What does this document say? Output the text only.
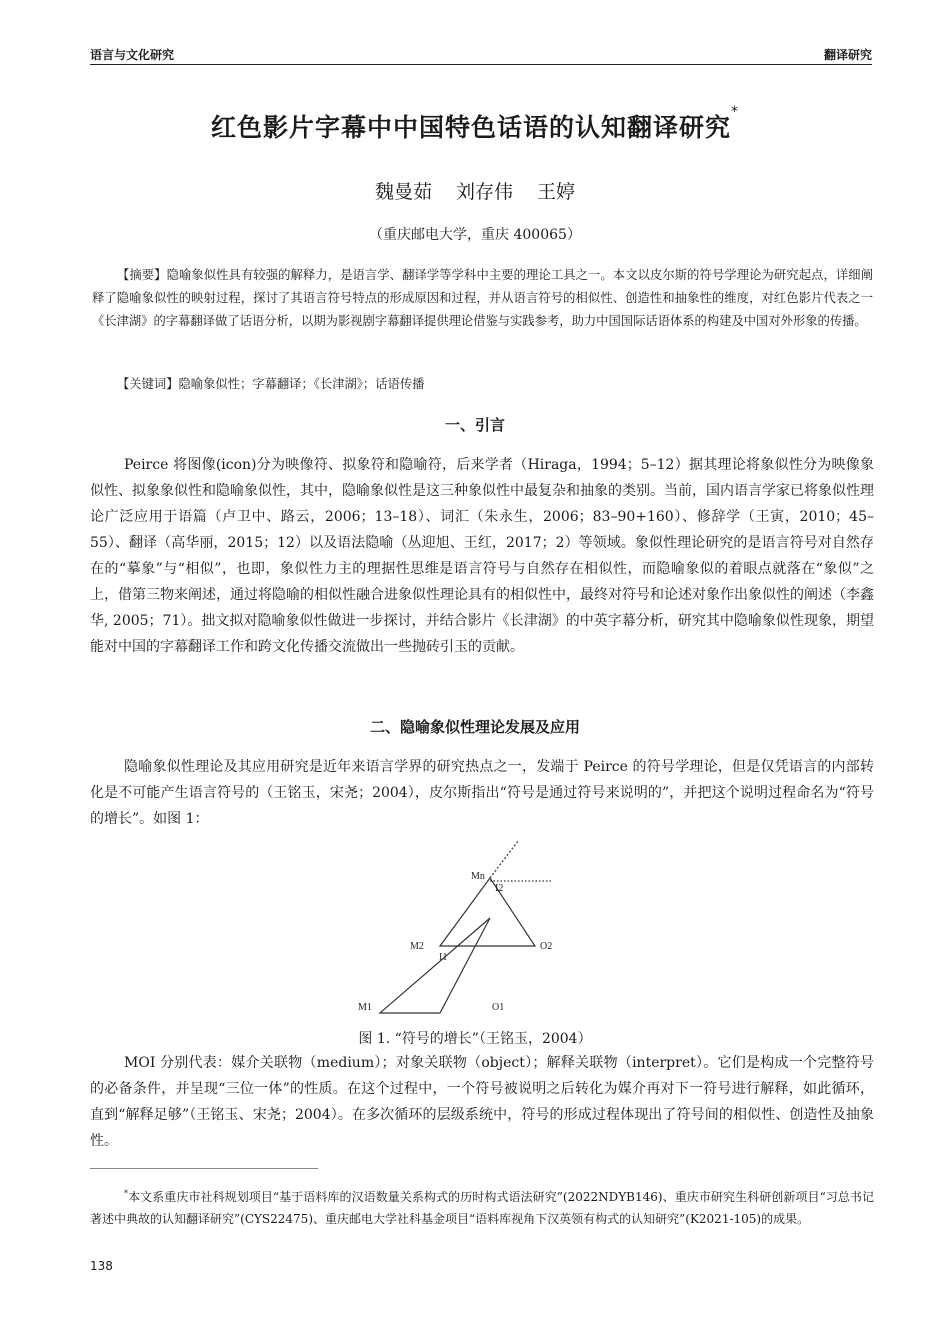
语言与文化研究	翻译研究
红色影片字幕中中国特色话语的认知翻译研究*
魏曼茹 刘存伟 王婷
（重庆邮电大学，重庆 400065）

【摘要】隐喻象似性具有较强的解释力，是语言学、翻译学等学科中主要的理论工具之一。本文以皮尔斯的符号学理论为研究起点，详细阐释了隐喻象似性的映射过程，探讨了其语言符号特点的形成原因和过程，并从语言符号的相似性、创造性和抽象性的维度，对红色影片代表之一《长津湖》的字幕翻译做了话语分析，以期为影视剧字幕翻译提供理论借鉴与实践参考，助力中国国际话语体系的构建及中国对外形象的传播。

【关键词】隐喻象似性；字幕翻译；《长津湖》；话语传播

一、引言

Peirce 将图像(icon)分为映像符、拟象符和隐喻符，后来学者（Hiraga，1994；5–12）据其理论将象似性分为映像象似性、拟象象似性和隐喻象似性，其中，隐喻象似性是这三种象似性中最复杂和抽象的类别。当前，国内语言学家已将象似性理论广泛应用于语篇（卢卫中、路云，2006；13–18）、词汇（朱永生，2006；83–90+160）、修辞学（王寅，2010；45–55）、翻译（高华丽，2015；12）以及语法隐喻（丛迎旭、王红，2017；2）等领域。象似性理论研究的是语言符号对自然存在的“摹象”与“相似”，也即，象似性力主的理据性思维是语言符号与自然存在相似性，而隐喻象似的着眼点就落在“象似”之上，借第三物来阐述，通过将隐喻的相似性融合进象似性理论具有的相似性中，最终对符号和论述对象作出象似性的阐述（李鑫华, 2005；71）。拙文拟对隐喻象似性做进一步探讨，并结合影片《长津湖》的中英字幕分析，研究其中隐喻象似性现象，期望能对中国的字幕翻译工作和跨文化传播交流做出一些抛砖引玉的贡献。

二、隐喻象似性理论发展及应用

隐喻象似性理论及其应用研究是近年来语言学界的研究热点之一，发端于 Peirce 的符号学理论，但是仅凭语言的内部转化是不可能产生语言符号的（王铭玉，宋尧；2004），皮尔斯指出“符号是通过符号来说明的”，并把这个说明过程命名为“符号的增长”。如图 1：

M1	O1
I1
M2	O2
I2
Mn
图 1. “符号的增长”（王铭玉，2004）

MOI 分别代表：媒介关联物（medium）；对象关联物（object）；解释关联物（interpret）。它们是构成一个完整符号的必备条件，并呈现“三位一体”的性质。在这个过程中，一个符号被说明之后转化为媒介再对下一符号进行解释，如此循环，直到“解释足够”（王铭玉、宋尧；2004）。在多次循环的层级系统中，符号的形成过程体现出了符号间的相似性、创造性及抽象性。

*本文系重庆市社科规划项目“基于语料库的汉语数量关系构式的历时构式语法研究”(2022NDYB146)、重庆市研究生科研创新项目“习总书记著述中典故的认知翻译研究”(CYS22475)、重庆邮电大学社科基金项目“语料库视角下汉英领有构式的认知研究”(K2021-105)的成果。

138
